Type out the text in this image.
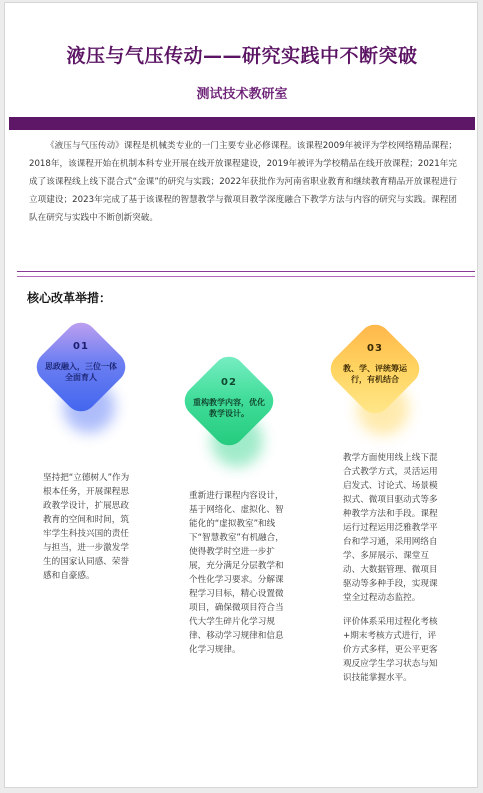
液压与气压传动——研究实践中不断突破
测试技术教研室
《液压与气压传动》课程是机械类专业的一门主要专业必修课程。该课程2009年被评为学校网络精品课程；2018年，该课程开始在机制本科专业开展在线开放课程建设，2019年被评为学校精品在线开放课程；2021年完成了该课程线上线下混合式“金课”的研究与实践；2022年获批作为河南省职业教育和继续教育精品开放课程进行立项建设；2023年完成了基于该课程的智慧教学与微项目教学深度融合下教学方法与内容的研究与实践。课程团队在研究与实践中不断创新突破。
核心改革举措：
01
思政融入，三位一体全面育人	02
重构教学内容，优化教学设计。
03
教、学、评统筹运行，有机结合

坚持把“立德树人”作为根本任务，开展课程思政教学设计，扩展思政教育的空间和时间，筑牢学生科技兴国的责任与担当，进一步激发学生的国家认同感、荣誉感和自豪感。

重新进行课程内容设计，基于网络化、虚拟化、智能化的“虚拟教室”和线下“智慧教室”有机融合，使得教学时空进一步扩展，充分满足分层教学和个性化学习要求。分解课程学习目标，精心设置微项目，确保微项目符合当代大学生碎片化学习规律、移动学习规律和信息化学习规律。

教学方面使用线上线下混合式教学方式，灵活运用启发式、讨论式、场景模拟式、微项目驱动式等多种教学方法和手段。课程运行过程运用泛雅教学平台和学习通，采用网络自学、多屏展示、课堂互动、大数据管理、微项目驱动等多种手段，实现课堂全过程动态监控。

评价体系采用过程化考核+期末考核方式进行，评价方式多样，更公平更客观反应学生学习状态与知识技能掌握水平。
